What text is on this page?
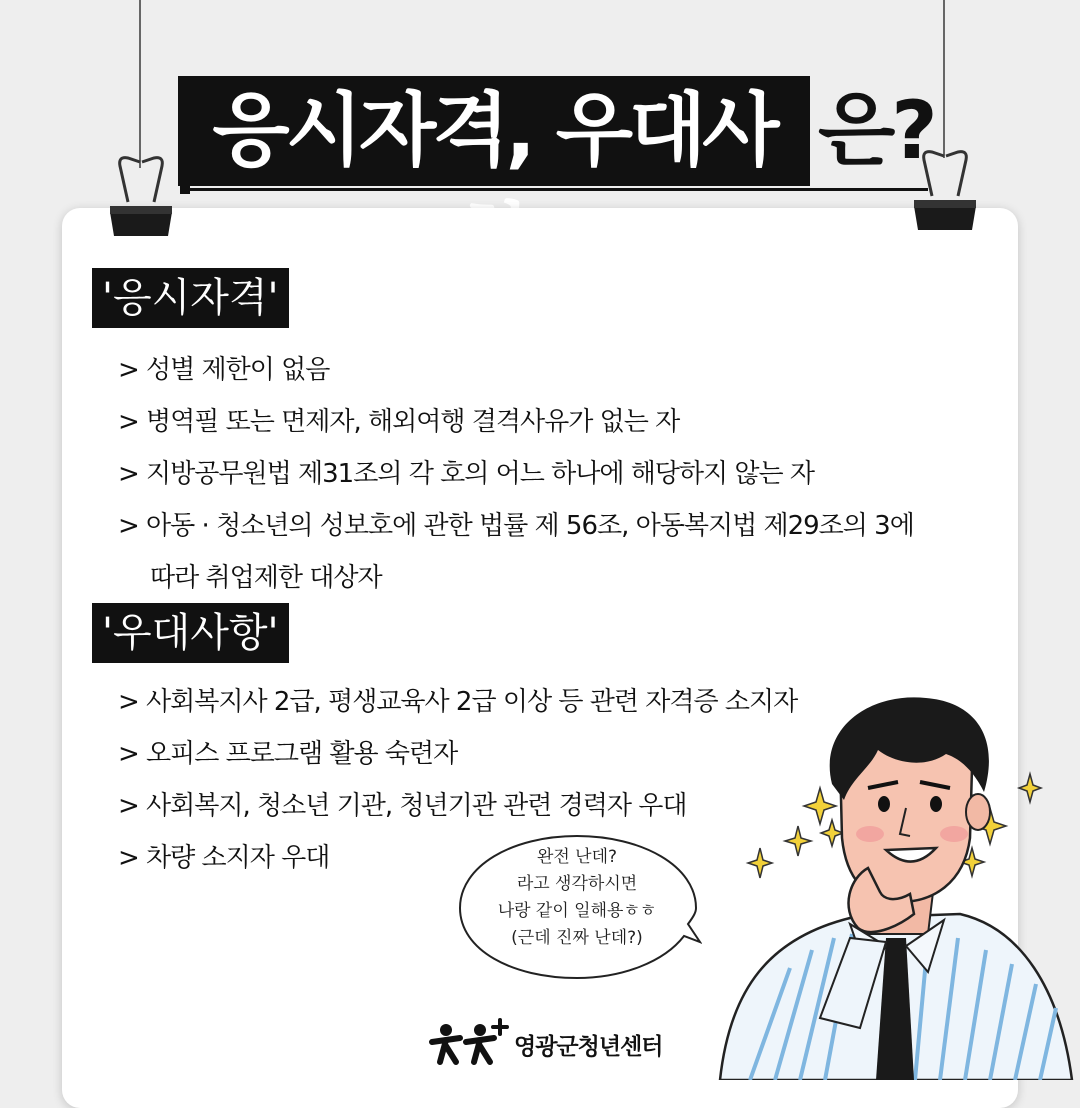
응시자격, 우대사 은?
'응시자격'
> 성별 제한이 없음
> 병역필 또는 면제자, 해외여행 결격사유가 없는 자
> 지방공무원법 제31조의 각 호의 어느 하나에 해당하지 않는 자
> 아동 · 청소년의 성보호에 관한 법률 제 56조, 아동복지법 제29조의 3에
따라 취업제한 대상자
'우대사항'
> 사회복지사 2급, 평생교육사 2급 이상 등 관련 자격증 소지자
> 오피스 프로그램 활용 숙련자
> 사회복지, 청소년 기관, 청년기관 관련 경력자 우대
> 차량 소지자 우대	완전 난데?
라고 생각하시면
나랑 같이 일해용ㅎㅎ
(근데 진짜 난데?)
영광군청년센터
